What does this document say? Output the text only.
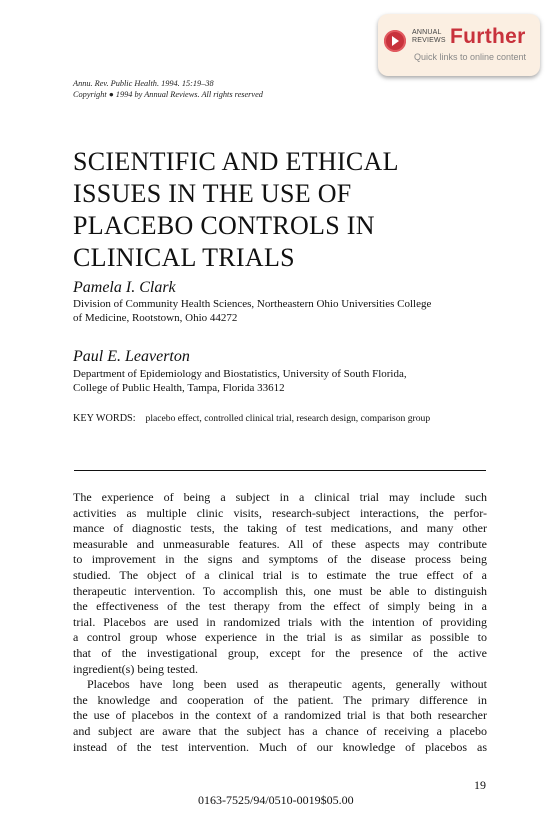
ANNUAL
REVIEWS Further
Quick links to online content
Annu. Rev. Public Health. 1994. 15:19–38
Copyright ● 1994 by Annual Reviews. All rights reserved
SCIENTIFIC AND ETHICAL
ISSUES IN THE USE OF
PLACEBO CONTROLS IN
CLINICAL TRIALS
Pamela I. Clark
Division of Community Health Sciences, Northeastern Ohio Universities College
of Medicine, Rootstown, Ohio 44272
Paul E. Leaverton
Department of Epidemiology and Biostatistics, University of South Florida,
College of Public Health, Tampa, Florida 33612
KEY WORDS: placebo effect, controlled clinical trial, research design, comparison group
The experience of being a subject in a clinical trial may include such
activities as multiple clinic visits, research-subject interactions, the perfor-
mance of diagnostic tests, the taking of test medications, and many other
measurable and unmeasurable features. All of these aspects may contribute
to improvement in the signs and symptoms of the disease process being
studied. The object of a clinical trial is to estimate the true effect of a
therapeutic intervention. To accomplish this, one must be able to distinguish
the effectiveness of the test therapy from the effect of simply being in a
trial. Placebos are used in randomized trials with the intention of providing
a control group whose experience in the trial is as similar as possible to
that of the investigational group, except for the presence of the active
ingredient(s) being tested.
Placebos have long been used as therapeutic agents, generally without
the knowledge and cooperation of the patient. The primary difference in
the use of placebos in the context of a randomized trial is that both researcher
and subject are aware that the subject has a chance of receiving a placebo
instead of the test intervention. Much of our knowledge of placebos as
19
0163-7525/94/0510-0019$05.00
